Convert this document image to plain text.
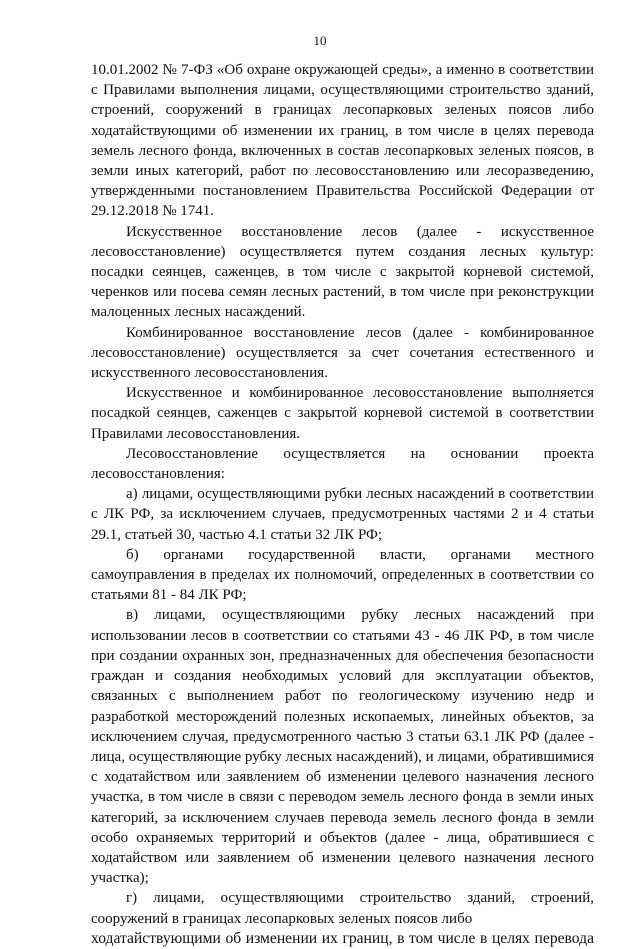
10

10.01.2002 № 7-ФЗ «Об охране окружающей среды», а именно в соответствии с Правилами выполнения лицами, осуществляющими строительство зданий, строений, сооружений в границах лесопарковых зеленых поясов либо ходатайствующими об изменении их границ, в том числе в целях перевода земель лесного фонда, включенных в состав лесопарковых зеленых поясов, в земли иных категорий, работ по лесовосстановлению или лесоразведению, утвержденными постановлением Правительства Российской Федерации от 29.12.2018 № 1741.

Искусственное восстановление лесов (далее - искусственное лесовосстановление) осуществляется путем создания лесных культур: посадки сеянцев, саженцев, в том числе с закрытой корневой системой, черенков или посева семян лесных растений, в том числе при реконструкции малоценных лесных насаждений.

Комбинированное восстановление лесов (далее - комбинированное лесовосстановление) осуществляется за счет сочетания естественного и искусственного лесовосстановления.

Искусственное и комбинированное лесовосстановление выполняется посадкой сеянцев, саженцев с закрытой корневой системой в соответствии Правилами лесовосстановления.

Лесовосстановление осуществляется на основании проекта лесовосстановления:

а) лицами, осуществляющими рубки лесных насаждений в соответствии с ЛК РФ, за исключением случаев, предусмотренных частями 2 и 4 статьи 29.1, статьей 30, частью 4.1 статьи 32 ЛК РФ;

б) органами государственной власти, органами местного самоуправления в пределах их полномочий, определенных в соответствии со статьями 81 - 84 ЛК РФ;

в) лицами, осуществляющими рубку лесных насаждений при использовании лесов в соответствии со статьями 43 - 46 ЛК РФ, в том числе при создании охранных зон, предназначенных для обеспечения безопасности граждан и создания необходимых условий для эксплуатации объектов, связанных с выполнением работ по геологическому изучению недр и разработкой месторождений полезных ископаемых, линейных объектов, за исключением случая, предусмотренного частью 3 статьи 63.1 ЛК РФ (далее - лица, осуществляющие рубку лесных насаждений), и лицами, обратившимися с ходатайством или заявлением об изменении целевого назначения лесного участка, в том числе в связи с переводом земель лесного фонда в земли иных категорий, за исключением случаев перевода земель лесного фонда в земли особо охраняемых территорий и объектов (далее - лица, обратившиеся с ходатайством или заявлением об изменении целевого назначения лесного участка);

г) лицами, осуществляющими строительство зданий, строений, сооружений в границах лесопарковых зеленых поясов либо

ходатайствующими об изменении их границ, в том числе в целях перевода
